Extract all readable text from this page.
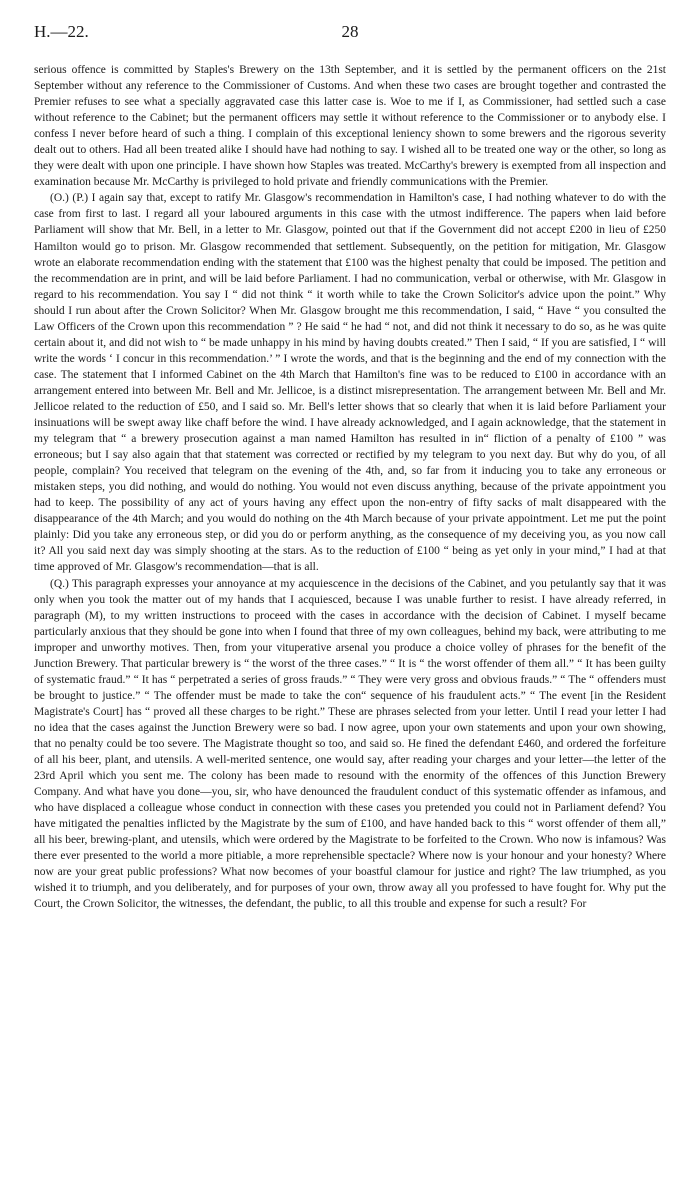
H.—22.	28

serious offence is committed by Staples's Brewery on the 13th September, and it is settled by the permanent officers on the 21st September without any reference to the Commissioner of Customs. And when these two cases are brought together and contrasted the Premier refuses to see what a specially aggravated case this latter case is. Woe to me if I, as Commissioner, had settled such a case without reference to the Cabinet; but the permanent officers may settle it without reference to the Commissioner or to anybody else. I confess I never before heard of such a thing. I complain of this exceptional leniency shown to some brewers and the rigorous severity dealt out to others. Had all been treated alike I should have had nothing to say. I wished all to be treated one way or the other, so long as they were dealt with upon one principle. I have shown how Staples was treated. McCarthy's brewery is exempted from all inspection and examination because Mr. McCarthy is privileged to hold private and friendly communications with the Premier.

(O.) (P.) I again say that, except to ratify Mr. Glasgow's recommendation in Hamilton's case, I had nothing whatever to do with the case from first to last. I regard all your laboured arguments in this case with the utmost indifference. The papers when laid before Parliament will show that Mr. Bell, in a letter to Mr. Glasgow, pointed out that if the Government did not accept £200 in lieu of £250 Hamilton would go to prison. Mr. Glasgow recommended that settlement. Subsequently, on the petition for mitigation, Mr. Glasgow wrote an elaborate recommendation ending with the statement that £100 was the highest penalty that could be imposed. The petition and the recommendation are in print, and will be laid before Parliament. I had no communication, verbal or otherwise, with Mr. Glasgow in regard to his recommendation. You say I “ did not think “ it worth while to take the Crown Solicitor's advice upon the point.” Why should I run about after the Crown Solicitor? When Mr. Glasgow brought me this recommendation, I said, “ Have “ you consulted the Law Officers of the Crown upon this recommendation ” ? He said “ he had “ not, and did not think it necessary to do so, as he was quite certain about it, and did not wish to “ be made unhappy in his mind by having doubts created.” Then I said, “ If you are satisfied, I “ will write the words ‘ I concur in this recommendation.’ ” I wrote the words, and that is the beginning and the end of my connection with the case. The statement that I informed Cabinet on the 4th March that Hamilton's fine was to be reduced to £100 in accordance with an arrangement entered into between Mr. Bell and Mr. Jellicoe, is a distinct misrepresentation. The arrangement between Mr. Bell and Mr. Jellicoe related to the reduction of £50, and I said so. Mr. Bell's letter shows that so clearly that when it is laid before Parliament your insinuations will be swept away like chaff before the wind. I have already acknowledged, and I again acknowledge, that the statement in my telegram that “ a brewery prosecution against a man named Hamilton has resulted in in“ fliction of a penalty of £100 ” was erroneous; but I say also again that that statement was corrected or rectified by my telegram to you next day. But why do you, of all people, complain? You received that telegram on the evening of the 4th, and, so far from it inducing you to take any erroneous or mistaken steps, you did nothing, and would do nothing. You would not even discuss anything, because of the private appointment you had to keep. The possibility of any act of yours having any effect upon the non-entry of fifty sacks of malt disappeared with the disappearance of the 4th March; and you would do nothing on the 4th March because of your private appointment. Let me put the point plainly: Did you take any erroneous step, or did you do or perform anything, as the consequence of my deceiving you, as you now call it? All you said next day was simply shooting at the stars. As to the reduction of £100 “ being as yet only in your mind,” I had at that time approved of Mr. Glasgow's recommendation—that is all.

(Q.) This paragraph expresses your annoyance at my acquiescence in the decisions of the Cabinet, and you petulantly say that it was only when you took the matter out of my hands that I acquiesced, because I was unable further to resist. I have already referred, in paragraph (M), to my written instructions to proceed with the cases in accordance with the decision of Cabinet. I myself became particularly anxious that they should be gone into when I found that three of my own colleagues, behind my back, were attributing to me improper and unworthy motives. Then, from your vituperative arsenal you produce a choice volley of phrases for the benefit of the Junction Brewery. That particular brewery is “ the worst of the three cases.” “ It is “ the worst offender of them all.” “ It has been guilty of systematic fraud.” “ It has “ perpetrated a series of gross frauds.” “ They were very gross and obvious frauds.” “ The “ offenders must be brought to justice.” “ The offender must be made to take the con“ sequence of his fraudulent acts.” “ The event [in the Resident Magistrate's Court] has “ proved all these charges to be right.” These are phrases selected from your letter. Until I read your letter I had no idea that the cases against the Junction Brewery were so bad. I now agree, upon your own statements and upon your own showing, that no penalty could be too severe. The Magistrate thought so too, and said so. He fined the defendant £460, and ordered the forfeiture of all his beer, plant, and utensils. A well-merited sentence, one would say, after reading your charges and your letter—the letter of the 23rd April which you sent me. The colony has been made to resound with the enormity of the offences of this Junction Brewery Company. And what have you done—you, sir, who have denounced the fraudulent conduct of this systematic offender as infamous, and who have displaced a colleague whose conduct in connection with these cases you pretended you could not in Parliament defend? You have mitigated the penalties inflicted by the Magistrate by the sum of £100, and have handed back to this “ worst offender of them all,” all his beer, brewing-plant, and utensils, which were ordered by the Magistrate to be forfeited to the Crown. Who now is infamous? Was there ever presented to the world a more pitiable, a more reprehensible spectacle? Where now is your honour and your honesty? Where now are your great public professions? What now becomes of your boastful clamour for justice and right? The law triumphed, as you wished it to triumph, and you deliberately, and for purposes of your own, throw away all you professed to have fought for. Why put the Court, the Crown Solicitor, the witnesses, the defendant, the public, to all this trouble and expense for such a result? For
